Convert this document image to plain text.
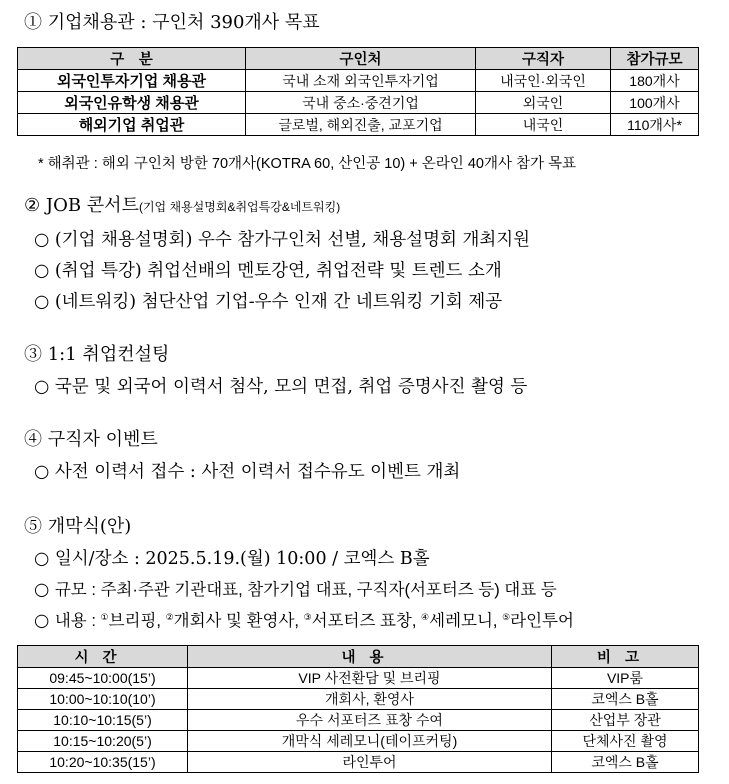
① 기업채용관 : 구인처 390개사 목표
구　분	구인처	구직자	참가규모
외국인투자기업 채용관	국내 소재 외국인투자기업	내국인·외국인	180개사
외국인유학생 채용관	국내 중소·중견기업	외국인	100개사
해외기업 취업관	글로벌, 해외진출, 교포기업	내국인	110개사*
* 해취관 : 해외 구인처 방한 70개사(KOTRA 60, 산인공 10) + 온라인 40개사 참가 목표
② JOB 콘서트(기업 채용설명회&취업특강&네트워킹)
○ (기업 채용설명회) 우수 참가구인처 선별, 채용설명회 개최지원
○ (취업 특강) 취업선배의 멘토강연, 취업전략 및 트렌드 소개
○ (네트워킹) 첨단산업 기업-우수 인재 간 네트워킹 기회 제공
③ 1:1 취업컨설팅
○ 국문 및 외국어 이력서 첨삭, 모의 면접, 취업 증명사진 촬영 등
④ 구직자 이벤트
○ 사전 이력서 접수 : 사전 이력서 접수유도 이벤트 개최
⑤ 개막식(안)
○ 일시/장소 : 2025.5.19.(월) 10:00 / 코엑스 B홀
○ 규모 : 주최·주관 기관대표, 참가기업 대표, 구직자(서포터즈 등) 대표 등
○ 내용 : ①브리핑, ②개회사 및 환영사, ③서포터즈 표창, ④세레모니, ⑤라인투어
시간	내용	비고
09:45~10:00(15’)	VIP 사전환담 및 브리핑	VIP룸
10:00~10:10(10’)	개회사, 환영사	코엑스 B홀
10:10~10:15(5’)	우수 서포터즈 표창 수여	산업부 장관
10:15~10:20(5’)	개막식 세레모니(테이프커팅)	단체사진 촬영
10:20~10:35(15’)	라인투어	코엑스 B홀
